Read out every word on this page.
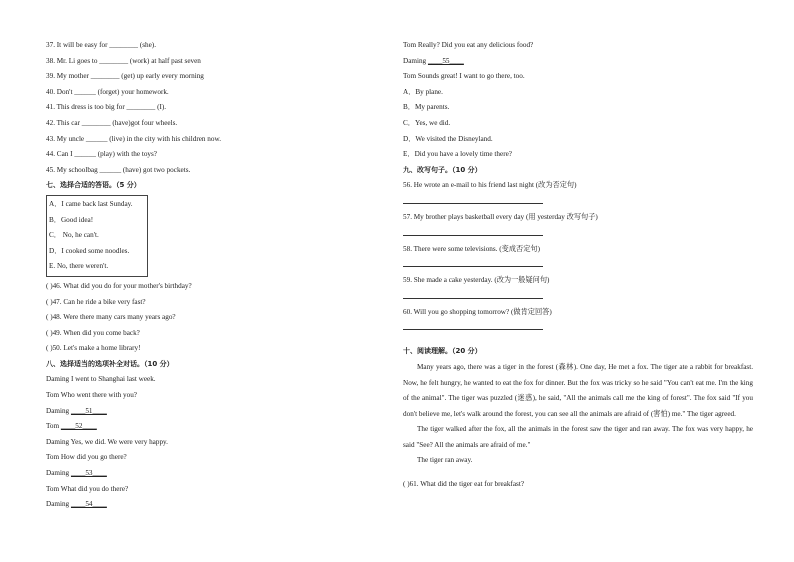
37. It will be easy for ________ (she).
38. Mr. Li goes to ________ (work) at half past seven
39. My mother ________ (get) up early every morning
40. Don't ______ (forget) your homework.
41. This dress is too big for ________ (I).
42. This car ________ (have)got four wheels.
43. My uncle ______ (live) in the city with his children now.
44. Can I ______ (play) with the toys?
45. My schoolbag ______ (have) got two pockets.
七、选择合适的答语。（5 分）
A．I came back last Sunday.
B．Good idea!
C． No, he can't.
D．I cooked some noodles.
E. No, there weren't.
( )46. What did you do for your mother's birthday?
( )47. Can he ride a bike very fast?
( )48. Were there many cars many years ago?
( )49. When did you come back?
( )50. Let's make a home library!
八、选择适当的选项补全对话。（10 分）
Daming I went to Shanghai last week.
Tom Who went there with you?
Daming ____51____
Tom ____52____
Daming Yes, we did. We were very happy.
Tom How did you go there?
Daming ____53____
Tom What did you do there?
Daming ____54____
Tom Really? Did you eat any delicious food?
Daming ____55____
Tom Sounds great! I want to go there, too.
A．By plane.
B．My parents.
C．Yes, we did.
D．We visited the Disneyland.
E．Did you have a lovely time there?
九、改写句子。（10 分）
56. He wrote an e-mail to his friend last night (改为否定句)
57. My brother plays basketball every day (用 yesterday 改写句子)
58. There were some televisions. (变成否定句)
59. She made a cake yesterday. (改为一般疑问句)
60. Will you go shopping tomorrow? (做肯定回答)
十、阅读理解。（20 分）
Many years ago, there was a tiger in the forest (森林). One day, He met a fox. The tiger ate a rabbit for breakfast. Now, he felt hungry, he wanted to eat the fox for dinner. But the fox was tricky so he said "You can't eat me. I'm the king of the animal". The tiger was puzzled (迷惑), he said, "All the animals call me the king of forest". The fox said "If you don't believe me, let's walk around the forest, you can see all the animals are afraid of (害怕) me." The tiger agreed.
The tiger walked after the fox, all the animals in the forest saw the tiger and ran away. The fox was very happy, he said "See? All the animals are afraid of me."
The tiger ran away.
( )61. What did the tiger eat for breakfast?
